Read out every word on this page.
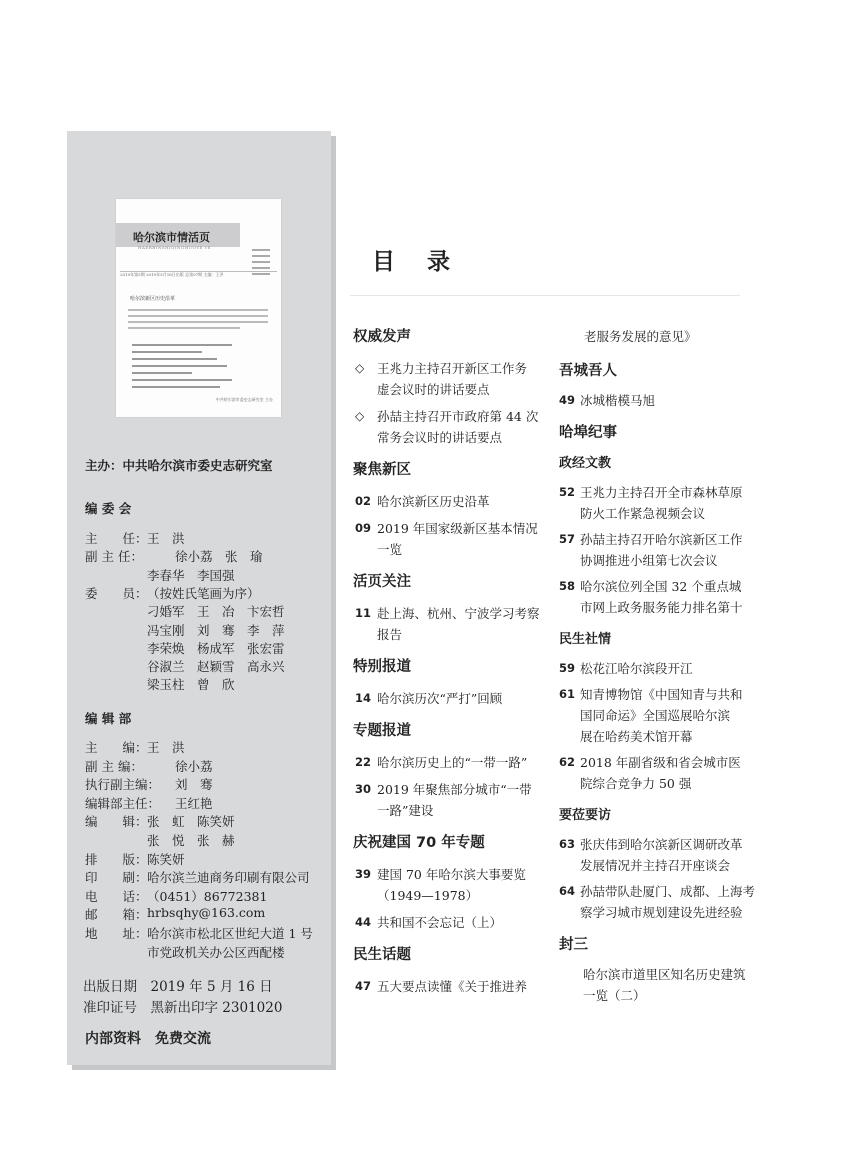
哈尔滨市情活页
HAERBINSHIQINGHUOYE YE
2019年第5期 2019年5月16日出版 总第97期 主编：王洪
哈尔滨新区历史沿革
中共哈尔滨市委史志研究室 主办
主办：中共哈尔滨市委史志研究室
编 委 会
编 辑 部
出版日期　2019 年 5 月 16 日
准印证号　黑新出印字 2301020
内部资料　免费交流
主　　任： 王　洪
副 主 任：	徐小荔　张　瑜
李春华　李国强
委　　员： （按姓氏笔画为序）
刁婚军　王　冶　卞宏哲
冯宝刚　刘　骞　李　萍
李荣焕　杨成军　张宏雷
谷淑兰　赵颖雪　高永兴
梁玉柱　曾　欣
主　　编： 王　洪
副 主 编：	徐小荔
执行副主编： 刘　骞
编辑部主任： 王红艳
编　　辑： 张　虹　陈笑妍
张　悦　张　赫
排　　版： 陈笑妍
印　　刷： 哈尔滨兰迪商务印刷有限公司
电　　话： （0451）86772381
邮　　箱： hrbsqhy@163.com
地　　址： 哈尔滨市松北区世纪大道 1 号
市党政机关办公区西配楼
目 录
权威发声
◇ 王兆力主持召开新区工作务
虚会议时的讲话要点
◇ 孙喆主持召开市政府第 44 次
常务会议时的讲话要点
聚焦新区
02 哈尔滨新区历史沿革
09 2019 年国家级新区基本情况
一览
活页关注
11 赴上海、杭州、宁波学习考察
报告
特别报道
14 哈尔滨历次“严打”回顾
专题报道
22 哈尔滨历史上的“一带一路”
30 2019 年聚焦部分城市“一带
一路”建设
庆祝建国 70 年专题
39 建国 70 年哈尔滨大事要览
（1949—1978）
44 共和国不会忘记（上）
民生话题
47 五大要点读懂《关于推进养
老服务发展的意见》
吾城吾人
49 冰城楷模马旭
哈埠纪事
政经文教
52 王兆力主持召开全市森林草原
防火工作紧急视频会议
57 孙喆主持召开哈尔滨新区工作
协调推进小组第七次会议
58 哈尔滨位列全国 32 个重点城
市网上政务服务能力排名第十
民生社情
59 松花江哈尔滨段开江
61 知青博物馆《中国知青与共和
国同命运》全国巡展哈尔滨
展在哈药美术馆开幕
62 2018 年副省级和省会城市医
院综合竞争力 50 强
要莅要访
63 张庆伟到哈尔滨新区调研改革
发展情况并主持召开座谈会
64 孙喆带队赴厦门、成都、上海考
察学习城市规划建设先进经验
封三
哈尔滨市道里区知名历史建筑
一览（二）
